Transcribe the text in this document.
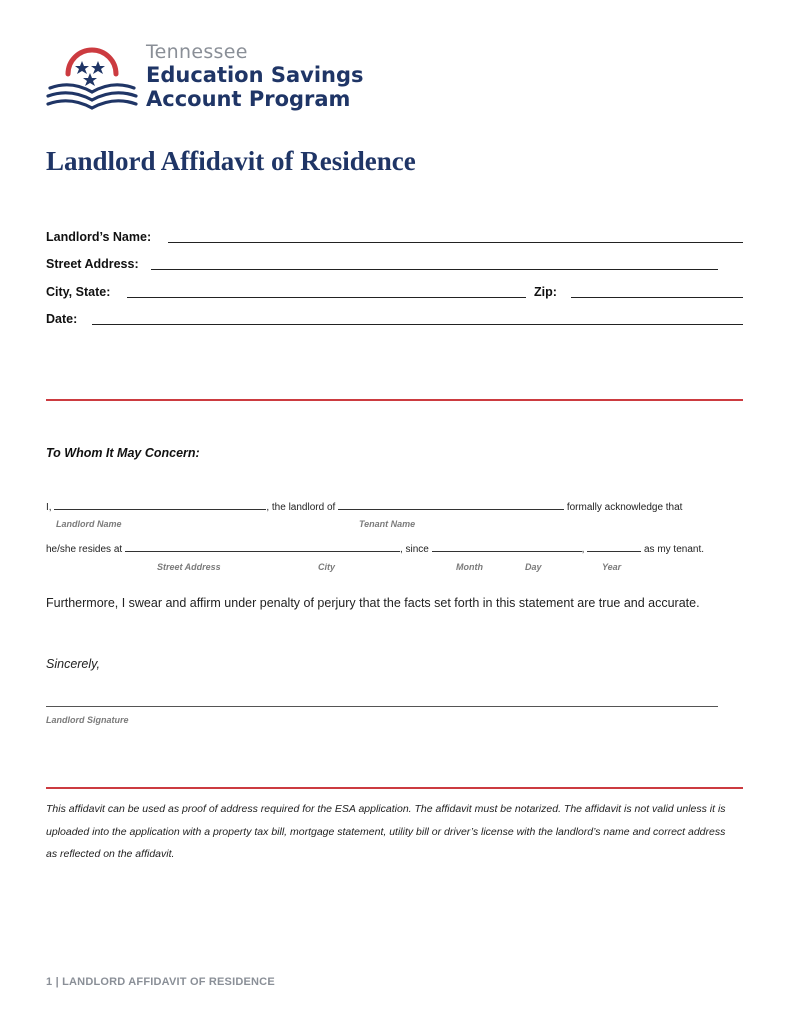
Tennessee
Education Savings
Account Program
Landlord Affidavit of Residence
Landlord’s Name:
Street Address:
City, State:	Zip:
Date:
To Whom It May Concern:
I,	, the landlord of	formally acknowledge that
Landlord Name	Tenant Name
he/she resides at	, since	,	as my tenant.
Street Address	City	Month	Day	Year
Furthermore, I swear and affirm under penalty of perjury that the facts set forth in this statement are true and accurate.
Sincerely,
Landlord Signature
This affidavit can be used as proof of address required for the ESA application. The affidavit must be notarized. The affidavit is not valid unless it is uploaded into the application with a property tax bill, mortgage statement, utility bill or driver’s license with the landlord’s name and correct address as reflected on the affidavit.
1 | LANDLORD AFFIDAVIT OF RESIDENCE
